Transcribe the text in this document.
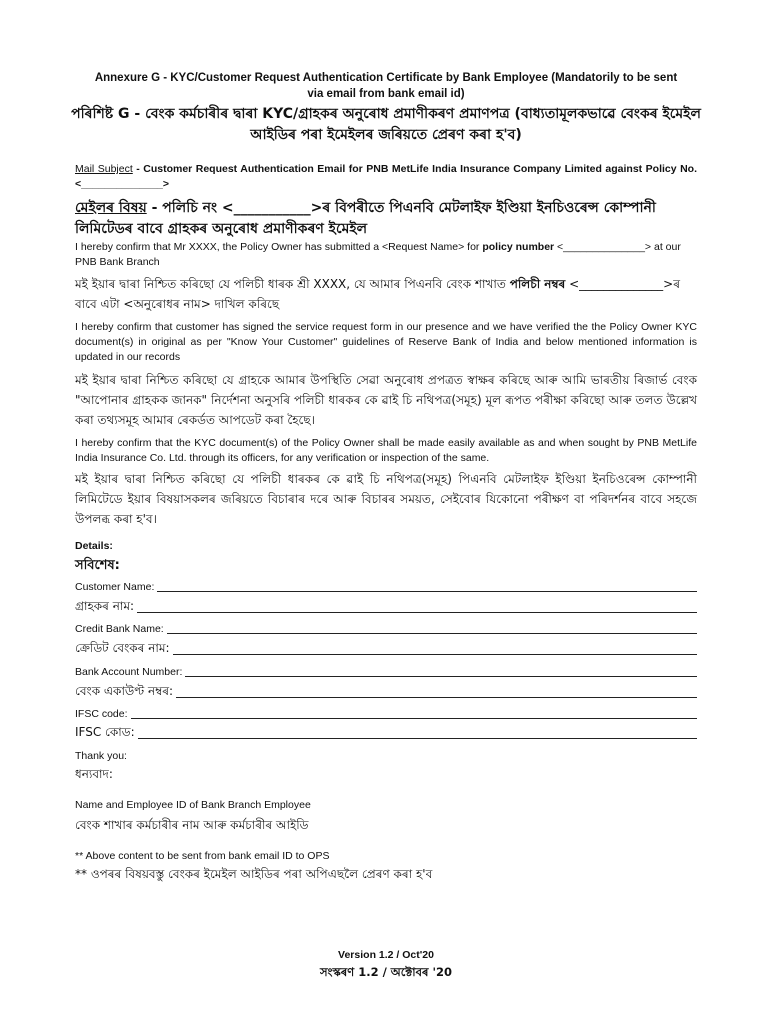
Annexure G - KYC/Customer Request Authentication Certificate by Bank Employee (Mandatorily to be sent via email from bank email id)
পৰিশিষ্ট G - বেংক কৰ্মচাৰীৰ দ্বাৰা KYC/গ্ৰাহকৰ অনুৰোধ প্ৰমাণীকৰণ প্ৰমাণপত্ৰ (বাধ্যতামূলকভাৱে বেংকৰ ইমেইল আইডিৰ পৰা ইমেইলৰ জৰিয়তে প্ৰেৰণ কৰা হ'ব)
Mail Subject - Customer Request Authentication Email for PNB MetLife India Insurance Company Limited against Policy No. <______________>
মেইলৰ বিষয় - পলিচি নং <___________>ৰ বিপৰীতে পিএনবি মেটলাইফ ইণ্ডিয়া ইনচিওৰেন্স কোম্পানী লিমিটেডৰ বাবে গ্ৰাহকৰ অনুৰোধ প্ৰমাণীকৰণ ইমেইল
I hereby confirm that Mr XXXX, the Policy Owner has submitted a <Request Name> for policy number <______________> at our PNB Bank Branch
মই ইয়াৰ দ্বাৰা নিশ্চিত কৰিছো যে পলিচী ধাৰক শ্ৰী XXXX, যে আমাৰ পিএনবি বেংক শাখাত পলিচী নম্বৰ <______________>ৰ বাবে এটা <অনুৰোধৰ নাম> দাখিল কৰিছে
I hereby confirm that customer has signed the service request form in our presence and we have verified the the Policy Owner KYC document(s) in original as per "Know Your Customer" guidelines of Reserve Bank of India and below mentioned information is updated in our records
মই ইয়াৰ দ্বাৰা নিশ্চিত কৰিছো যে গ্ৰাহকে আমাৰ উপস্থিতি সেৱা অনুৰোধ প্ৰপত্ৰত স্বাক্ষৰ কৰিছে আৰু আমি ভাৰতীয় ৰিজাৰ্ভ বেংক "আপোনাৰ গ্ৰাহকক জানক" নিৰ্দেশনা অনুসৰি পলিচী ধাৰকৰ কে ৱাই চি নথিপত্ৰ(সমূহ) মূল ৰূপত পৰীক্ষা কৰিছো আৰু তলত উল্লেখ কৰা তথ্যসমূহ আমাৰ ৰেকৰ্ডত আপডেট কৰা হৈছে।
I hereby confirm that the KYC document(s) of the Policy Owner shall be made easily available as and when sought by PNB MetLife India Insurance Co. Ltd. through its officers, for any verification or inspection of the same.
মই ইয়াৰ দ্বাৰা নিশ্চিত কৰিছো যে পলিচী ধাৰকৰ কে ৱাই চি নথিপত্ৰ(সমূহ) পিএনবি মেটলাইফ ইণ্ডিয়া ইনচিওৰেন্স কোম্পানী লিমিটেডে ইয়াৰ বিষয়াসকলৰ জৰিয়তে বিচাৰাৰ দৰে আৰু বিচাৰৰ সময়ত, সেইবোৰ যিকোনো পৰীক্ষণ বা পৰিদৰ্শনৰ বাবে সহজে উপলব্ধ কৰা হ'ব।
Details:
সবিশেষ:
Customer Name:
গ্ৰাহকৰ নাম:
Credit Bank Name:
ক্ৰেডিট বেংকৰ নাম:
Bank Account Number:
বেংক একাউণ্ট নম্বৰ:
IFSC code:
IFSC কোড:
Thank you:
ধন্যবাদ:
Name and Employee ID of Bank Branch Employee
বেংক শাখাৰ কৰ্মচাৰীৰ নাম আৰু কৰ্মচাৰীৰ আইডি
** Above content to be sent from bank email ID to OPS
** ওপৰৰ বিষয়বস্তু বেংকৰ ইমেইল আইডিৰ পৰা অপিএছলৈ প্ৰেৰণ কৰা হ'ব
Version 1.2 / Oct'20
সংস্কৰণ 1.2 / অক্টোবৰ '20
